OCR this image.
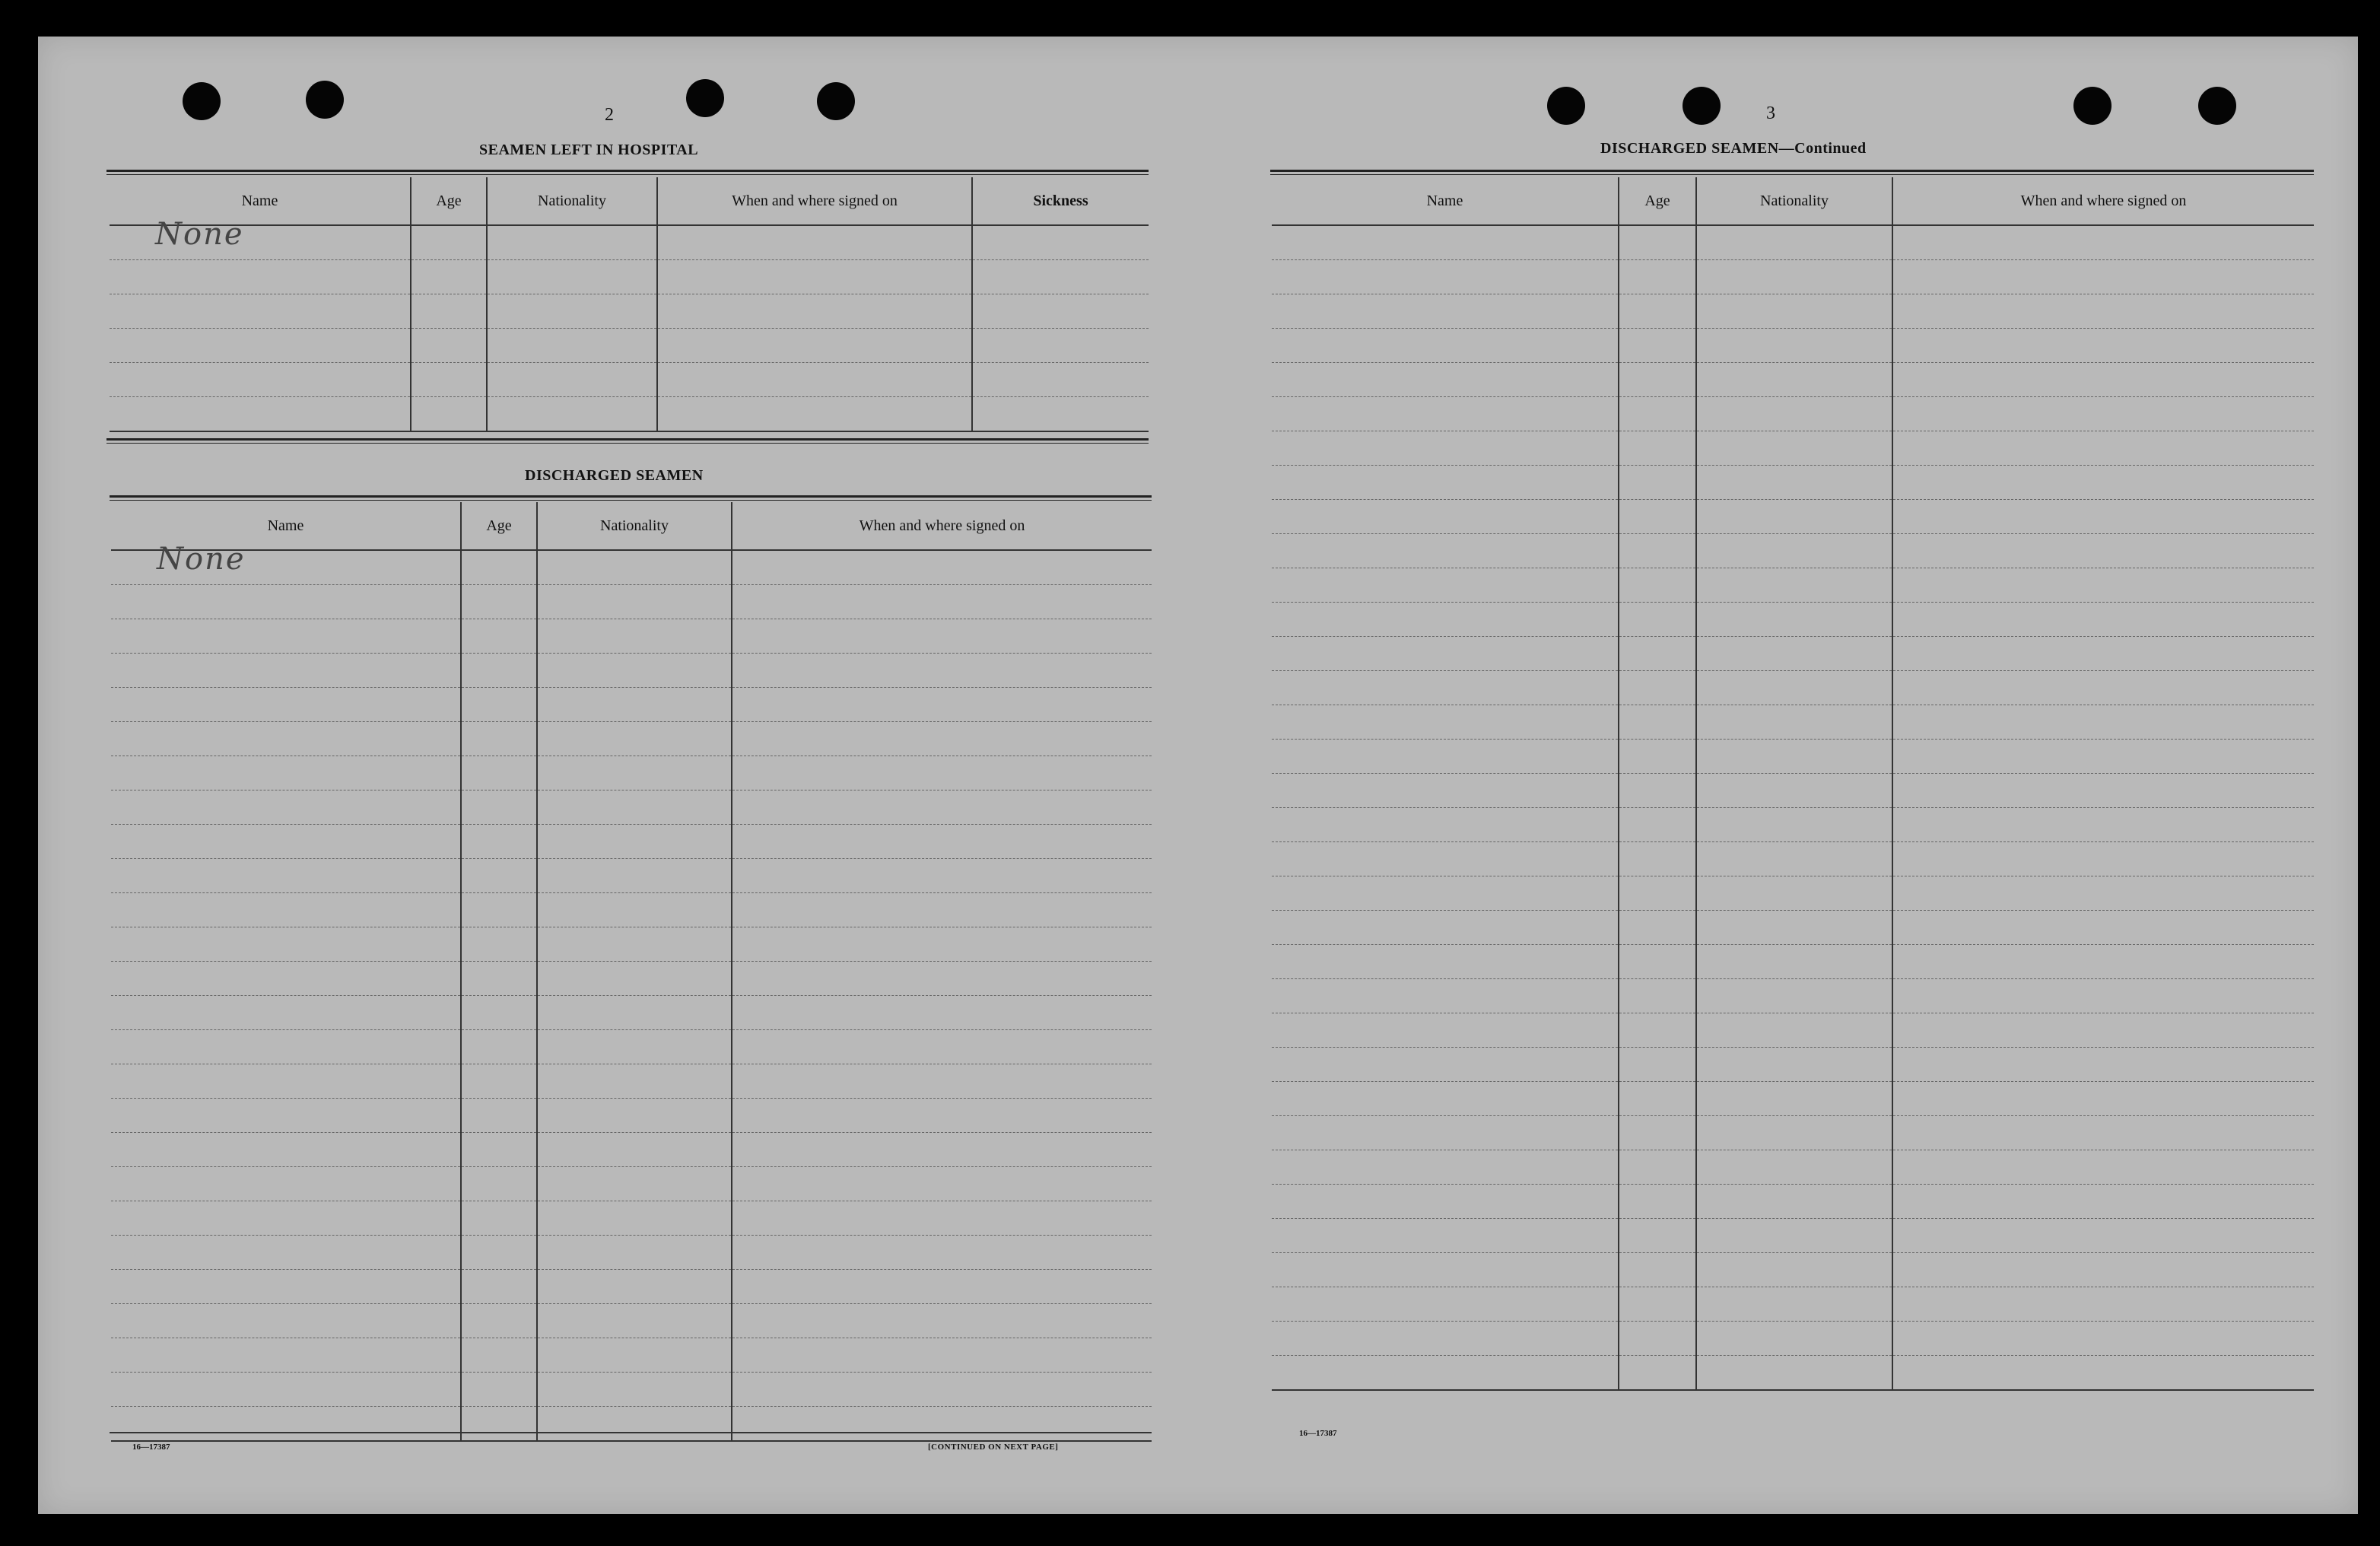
2

SEAMEN LEFT IN HOSPITAL

Name	Age	Nationality	When and where signed on	Sickness

None				

DISCHARGED SEAMEN

Name	Age	Nationality	When and where signed on

None			

16—17387	[CONTINUED ON NEXT PAGE]

3

DISCHARGED SEAMEN—Continued

Name	Age	Nationality	When and where signed on

16—17387
